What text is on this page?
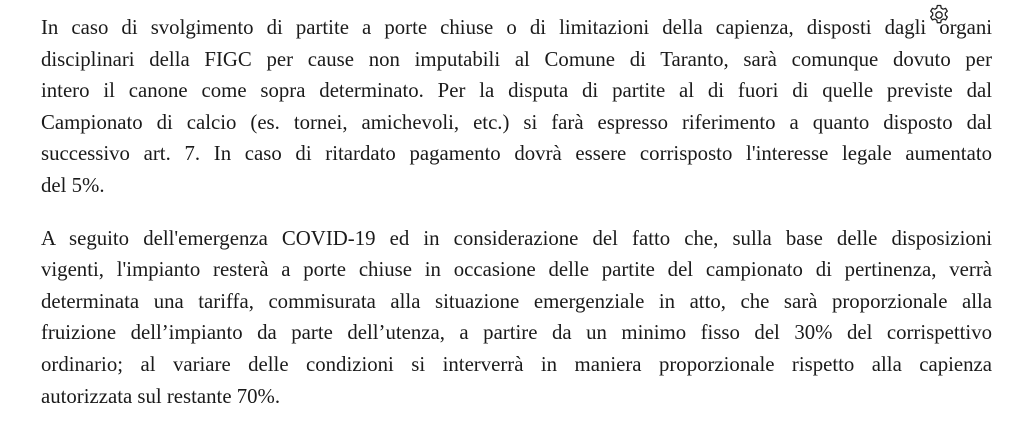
In caso di svolgimento di partite a porte chiuse o di limitazioni della capienza, disposti dagli organi
disciplinari della FIGC per cause non imputabili al Comune di Taranto, sarà comunque dovuto per
intero il canone come sopra determinato. Per la disputa di partite al di fuori di quelle previste dal
Campionato di calcio (es. tornei, amichevoli, etc.) si farà espresso riferimento a quanto disposto dal
successivo art. 7. In caso di ritardato pagamento dovrà essere corrisposto l'interesse legale aumentato
del 5%.

A seguito dell'emergenza COVID-19 ed in considerazione del fatto che, sulla base delle disposizioni
vigenti, l'impianto resterà a porte chiuse in occasione delle partite del campionato di pertinenza, verrà
determinata una tariffa, commisurata alla situazione emergenziale in atto, che sarà proporzionale alla
fruizione dell’impianto da parte dell’utenza, a partire da un minimo fisso del 30% del corrispettivo
ordinario; al variare delle condizioni si interverrà in maniera proporzionale rispetto alla capienza
autorizzata sul restante 70%.
